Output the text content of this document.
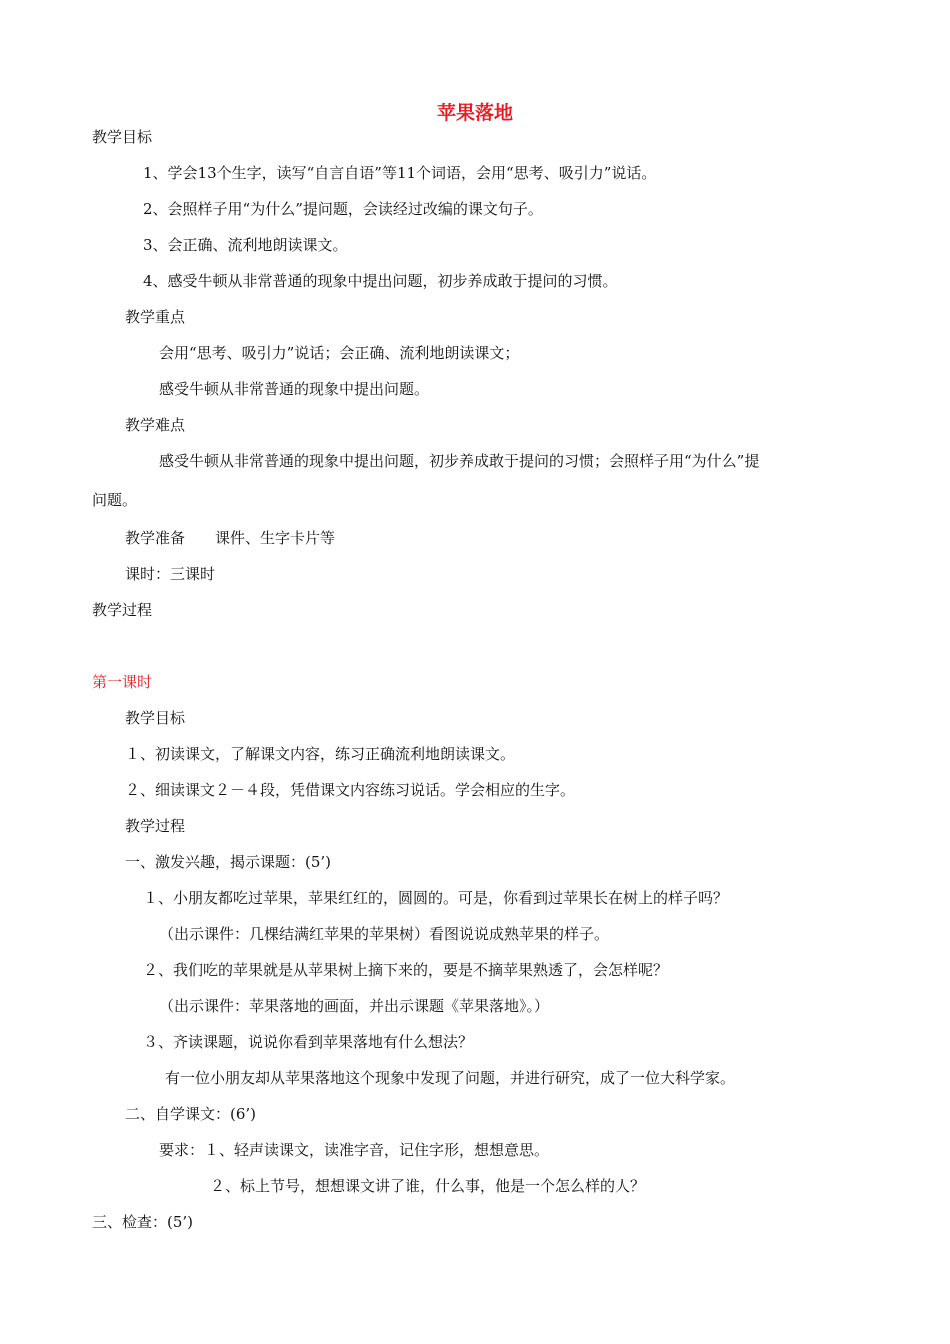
苹果落地
教学目标
1、学会13个生字，读写“自言自语”等11个词语，会用“思考、吸引力”说话。
2、会照样子用“为什么”提问题，会读经过改编的课文句子。
3、会正确、流利地朗读课文。
4、感受牛顿从非常普通的现象中提出问题，初步养成敢于提问的习惯。
教学重点
会用“思考、吸引力”说话；会正确、流利地朗读课文；
感受牛顿从非常普通的现象中提出问题。
教学难点
感受牛顿从非常普通的现象中提出问题，初步养成敢于提问的习惯；会照样子用“为什么”提
问题。
教学准备　　课件、生字卡片等
课时：三课时
教学过程
第一课时
教学目标
１、初读课文，了解课文内容，练习正确流利地朗读课文。
２、细读课文２－４段，凭借课文内容练习说话。学会相应的生字。
教学过程
一、激发兴趣，揭示课题：(5’)
１、小朋友都吃过苹果，苹果红红的，圆圆的。可是，你看到过苹果长在树上的样子吗？
（出示课件：几棵结满红苹果的苹果树）看图说说成熟苹果的样子。
２、我们吃的苹果就是从苹果树上摘下来的，要是不摘苹果熟透了，会怎样呢？
（出示课件：苹果落地的画面，并出示课题《苹果落地》。）
３、齐读课题，说说你看到苹果落地有什么想法？
有一位小朋友却从苹果落地这个现象中发现了问题，并进行研究，成了一位大科学家。
二、自学课文：(6’)
要求：１、轻声读课文，读准字音，记住字形，想想意思。
２、标上节号，想想课文讲了谁，什么事，他是一个怎么样的人？
三、检查：(5’)
